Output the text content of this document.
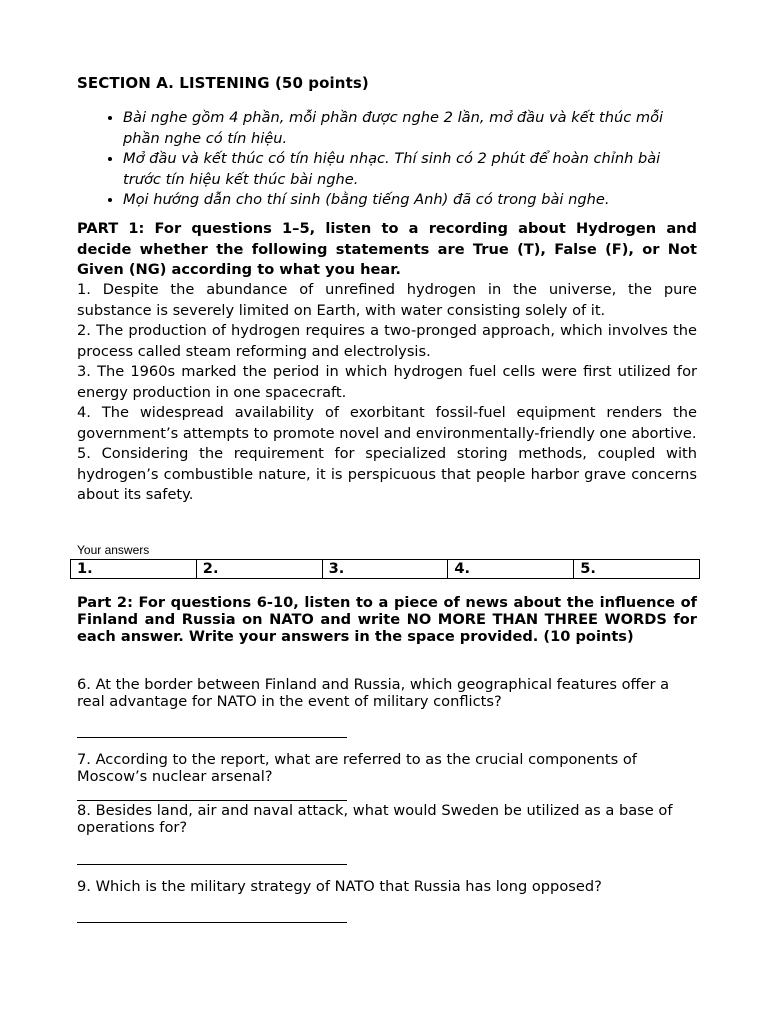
SECTION A. LISTENING (50 points)
• Bài nghe gồm 4 phần, mỗi phần được nghe 2 lần, mở đầu và kết thúc mỗi phần nghe có tín hiệu.
• Mở đầu và kết thúc có tín hiệu nhạc. Thí sinh có 2 phút để hoàn chỉnh bài trước tín hiệu kết thúc bài nghe.
• Mọi hướng dẫn cho thí sinh (bằng tiếng Anh) đã có trong bài nghe.
PART 1: For questions 1–5, listen to a recording about Hydrogen and decide whether the following statements are True (T), False (F), or Not Given (NG) according to what you hear.

1. Despite the abundance of unrefined hydrogen in the universe, the pure substance is severely limited on Earth, with water consisting solely of it.

2. The production of hydrogen requires a two-pronged approach, which involves the process called steam reforming and electrolysis.

3. The 1960s marked the period in which hydrogen fuel cells were first utilized for energy production in one spacecraft.

4. The widespread availability of exorbitant fossil-fuel equipment renders the government’s attempts to promote novel and environmentally-friendly one abortive.

5. Considering the requirement for specialized storing methods, coupled with hydrogen’s combustible nature, it is perspicuous that people harbor grave concerns about its safety.

Your answers
1.	2.	3.	4.	5.
Part 2: For questions 6-10, listen to a piece of news about the influence of Finland and Russia on NATO and write NO MORE THAN THREE WORDS for each answer. Write your answers in the space provided. (10 points)
6. At the border between Finland and Russia, which geographical features offer a real advantage for NATO in the event of military conflicts?
7. According to the report, what are referred to as the crucial components of Moscow’s nuclear arsenal?
8. Besides land, air and naval attack, what would Sweden be utilized as a base of operations for?
9. Which is the military strategy of NATO that Russia has long opposed?
